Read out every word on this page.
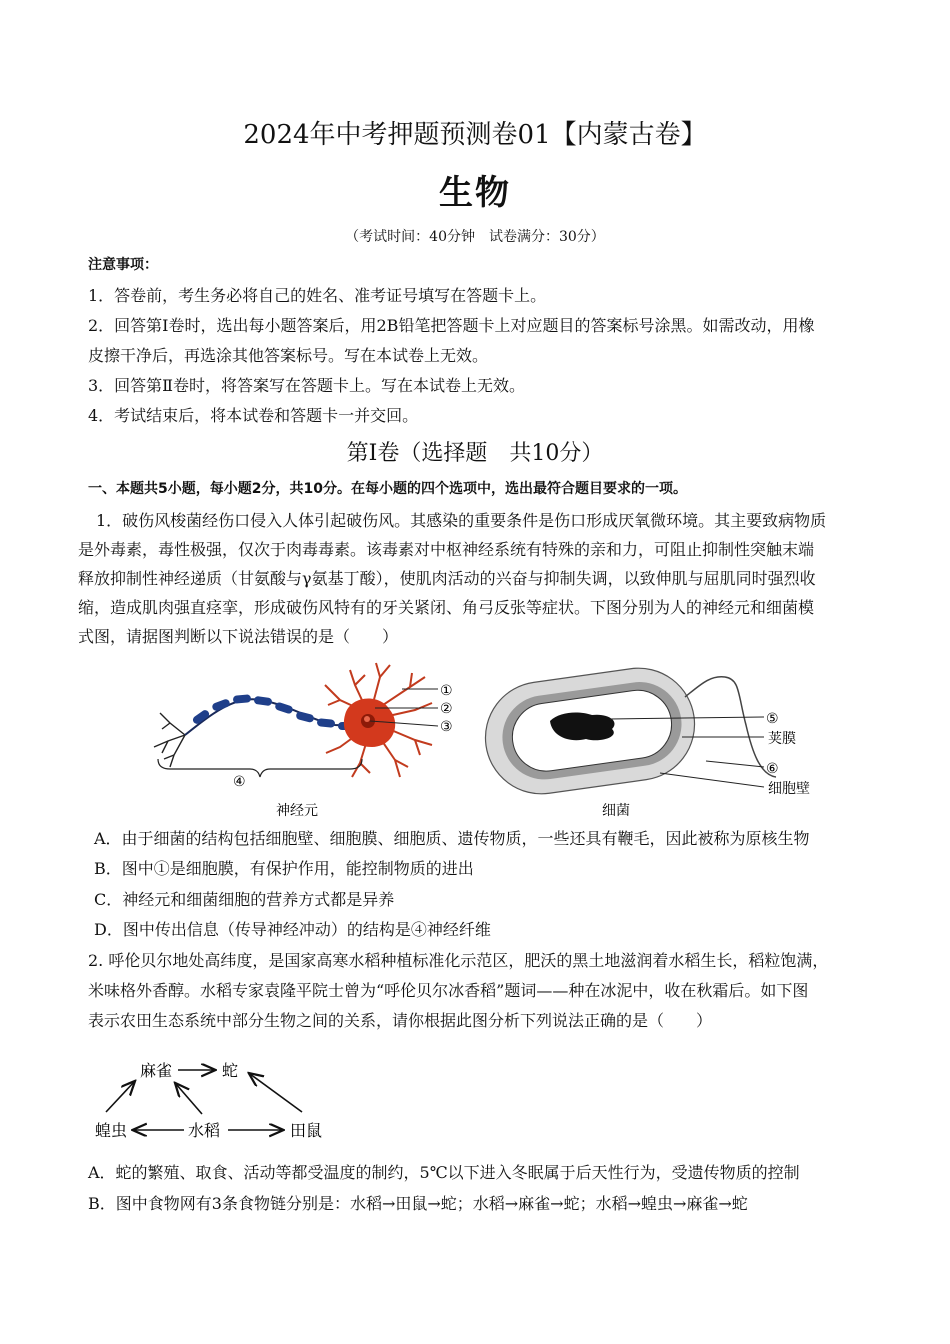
2024年中考押题预测卷01【内蒙古卷】
生物
（考试时间：40分钟　试卷满分：30分）
注意事项：
1．答卷前，考生务必将自己的姓名、准考证号填写在答题卡上。
2．回答第Ⅰ卷时，选出每小题答案后，用2B铅笔把答题卡上对应题目的答案标号涂黑。如需改动，用橡
皮擦干净后，再选涂其他答案标号。写在本试卷上无效。
3．回答第Ⅱ卷时，将答案写在答题卡上。写在本试卷上无效。
4．考试结束后，将本试卷和答题卡一并交回。
第Ⅰ卷（选择题　共10分）
一、本题共5小题，每小题2分，共10分。在每小题的四个选项中，选出最符合题目要求的一项。
1．破伤风梭菌经伤口侵入人体引起破伤风。其感染的重要条件是伤口形成厌氧微环境。其主要致病物质
是外毒素，毒性极强，仅次于肉毒毒素。该毒素对中枢神经系统有特殊的亲和力，可阻止抑制性突触末端
释放抑制性神经递质（甘氨酸与γ氨基丁酸），使肌肉活动的兴奋与抑制失调，以致伸肌与屈肌同时强烈收
缩，造成肌肉强直痉挛，形成破伤风特有的牙关紧闭、角弓反张等症状。下图分别为人的神经元和细菌模
式图，请据图判断以下说法错误的是（　　）
④
神经元
①
②
③	⑤
荚膜
⑥
细胞壁
细菌
A．由于细菌的结构包括细胞壁、细胞膜、细胞质、遗传物质，一些还具有鞭毛，因此被称为原核生物
B．图中①是细胞膜，有保护作用，能控制物质的进出
C．神经元和细菌细胞的营养方式都是异养
D．图中传出信息（传导神经冲动）的结构是④神经纤维
2. 呼伦贝尔地处高纬度，是国家高寒水稻种植标准化示范区，肥沃的黑土地滋润着水稻生长，稻粒饱满，
米味格外香醇。水稻专家袁隆平院士曾为“呼伦贝尔冰香稻”题词——种在冰泥中，收在秋霜后。如下图
表示农田生态系统中部分生物之间的关系，请你根据此图分析下列说法正确的是（　　）
麻雀	蛇
蝗虫	水稻	田鼠
A．蛇的繁殖、取食、活动等都受温度的制约，5℃以下进入冬眠属于后天性行为，受遗传物质的控制
B．图中食物网有3条食物链分别是：水稻→田鼠→蛇；水稻→麻雀→蛇；水稻→蝗虫→麻雀→蛇
